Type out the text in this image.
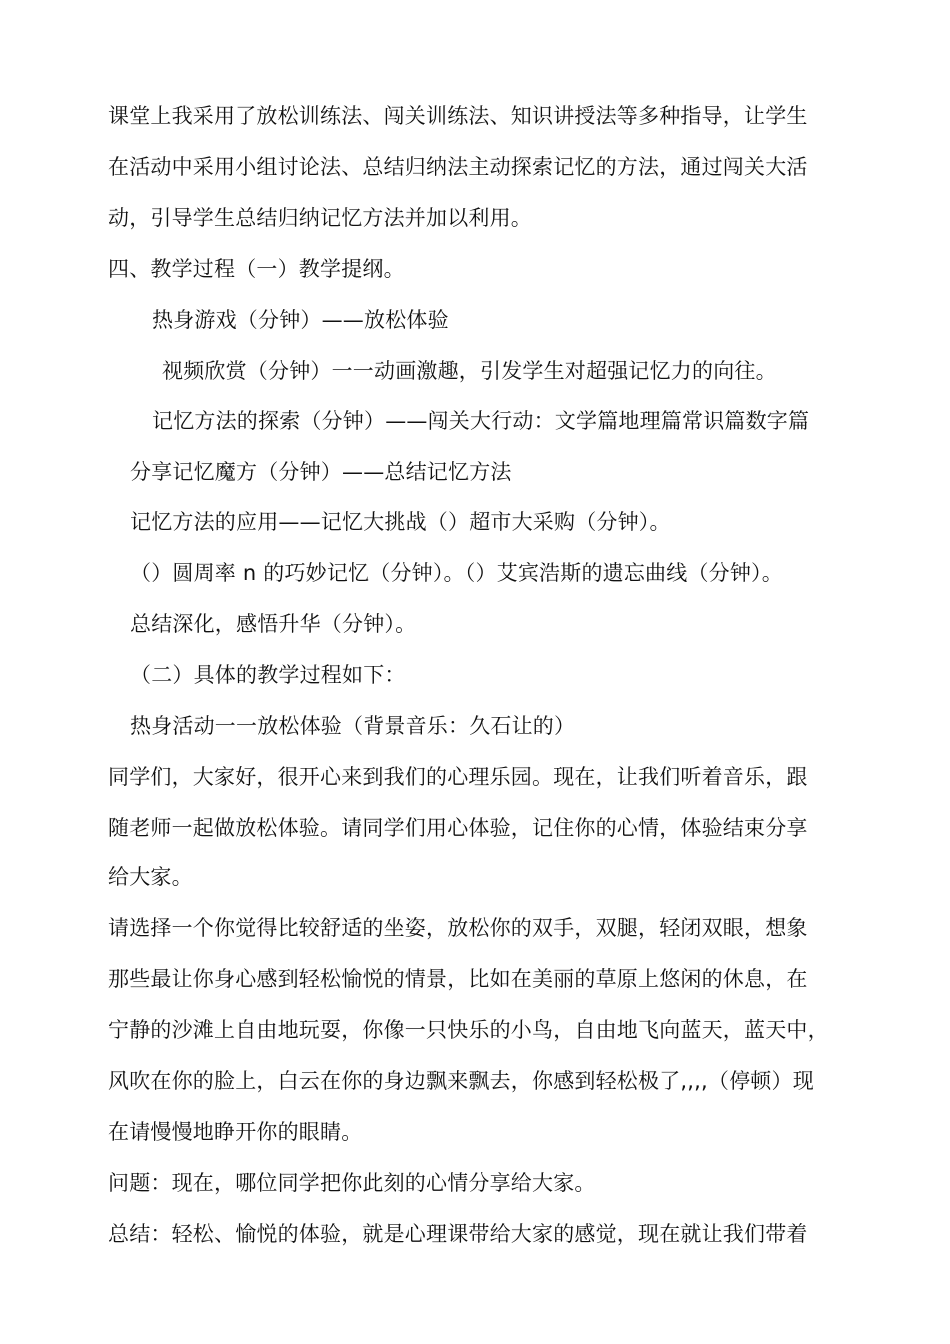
课堂上我采用了放松训练法、闯关训练法、知识讲授法等多种指导，让学生
在活动中采用小组讨论法、总结归纳法主动探索记忆的方法，通过闯关大活
动，引导学生总结归纳记忆方法并加以利用。
四、教学过程（一）教学提纲。
热身游戏（分钟）——放松体验
视频欣赏（分钟）一一动画激趣，引发学生对超强记忆力的向往。
记忆方法的探索（分钟）——闯关大行动：文学篇地理篇常识篇数字篇
分享记忆魔方（分钟）——总结记忆方法
记忆方法的应用——记忆大挑战（）超市大采购（分钟）。
（）圆周率 n 的巧妙记忆（分钟）。（）艾宾浩斯的遗忘曲线（分钟）。
总结深化，感悟升华（分钟）。
（二）具体的教学过程如下：
热身活动一一放松体验（背景音乐：久石让的）
同学们，大家好，很开心来到我们的心理乐园。现在，让我们听着音乐，跟
随老师一起做放松体验。请同学们用心体验，记住你的心情，体验结束分享
给大家。
请选择一个你觉得比较舒适的坐姿，放松你的双手，双腿，轻闭双眼，想象
那些最让你身心感到轻松愉悦的情景，比如在美丽的草原上悠闲的休息，在
宁静的沙滩上自由地玩耍，你像一只快乐的小鸟，自由地飞向蓝天，蓝天中，
风吹在你的脸上，白云在你的身边飘来飘去，你感到轻松极了,,,,（停顿）现
在请慢慢地睁开你的眼睛。
问题：现在，哪位同学把你此刻的心情分享给大家。
总结：轻松、愉悦的体验，就是心理课带给大家的感觉，现在就让我们带着
